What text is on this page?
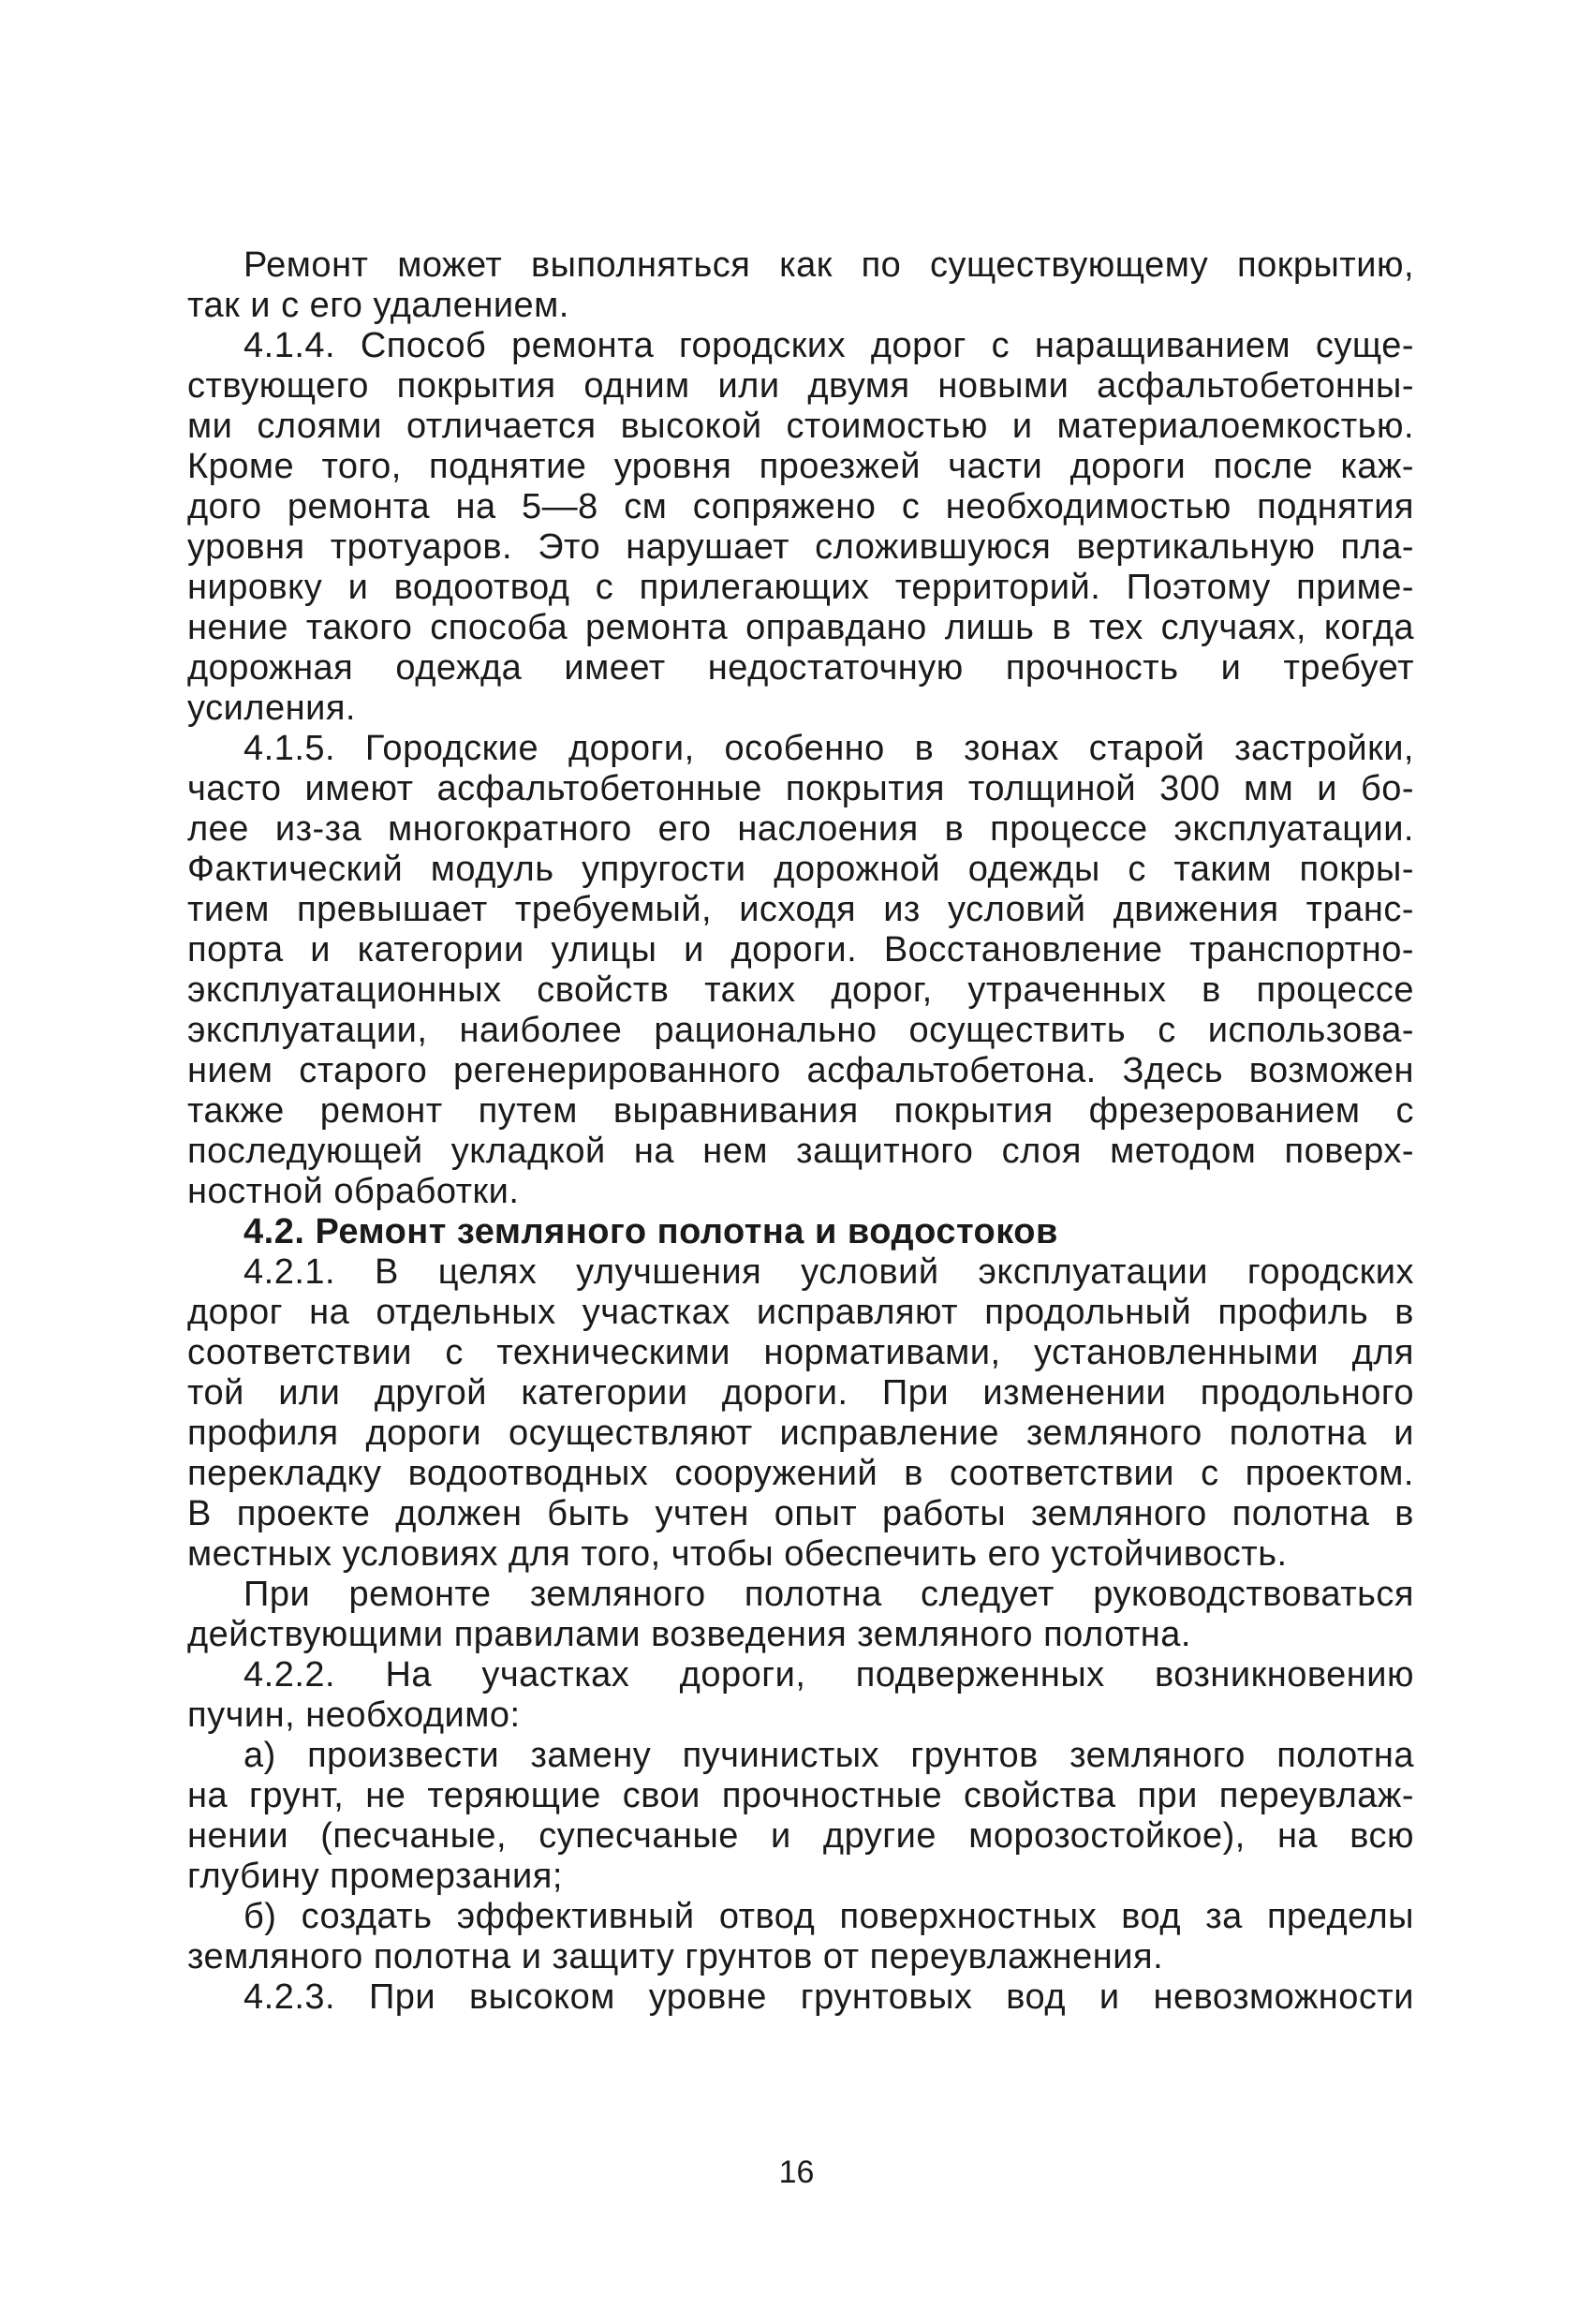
Ремонт может выполняться как по существующему покрытию,
так и с его удалением.
4.1.4. Способ ремонта городских дорог с наращиванием суще-
ствующего покрытия одним или двумя новыми асфальтобетонны-
ми слоями отличается высокой стоимостью и материалоемкостью.
Кроме того, поднятие уровня проезжей части дороги после каж-
дого ремонта на 5—8 см сопряжено с необходимостью поднятия
уровня тротуаров. Это нарушает сложившуюся вертикальную пла-
нировку и водоотвод с прилегающих территорий. Поэтому приме-
нение такого способа ремонта оправдано лишь в тех случаях, когда
дорожная одежда имеет недостаточную прочность и требует
усиления.
4.1.5. Городские дороги, особенно в зонах старой застройки,
часто имеют асфальтобетонные покрытия толщиной 300 мм и бо-
лее из-за многократного его наслоения в процессе эксплуатации.
Фактический модуль упругости дорожной одежды с таким покры-
тием превышает требуемый, исходя из условий движения транс-
порта и категории улицы и дороги. Восстановление транспортно-
эксплуатационных свойств таких дорог, утраченных в процессе
эксплуатации, наиболее рационально осуществить с использова-
нием старого регенерированного асфальтобетона. Здесь возможен
также ремонт путем выравнивания покрытия фрезерованием с
последующей укладкой на нем защитного слоя методом поверх-
ностной обработки.
4.2. Ремонт земляного полотна и водостоков
4.2.1. В целях улучшения условий эксплуатации городских
дорог на отдельных участках исправляют продольный профиль в
соответствии с техническими нормативами, установленными для
той или другой категории дороги. При изменении продольного
профиля дороги осуществляют исправление земляного полотна и
перекладку водоотводных сооружений в соответствии с проектом.
В проекте должен быть учтен опыт работы земляного полотна в
местных условиях для того, чтобы обеспечить его устойчивость.
При ремонте земляного полотна следует руководствоваться
действующими правилами возведения земляного полотна.
4.2.2. На участках дороги, подверженных возникновению
пучин, необходимо:
а) произвести замену пучинистых грунтов земляного полотна
на грунт, не теряющие свои прочностные свойства при переувлаж-
нении (песчаные, супесчаные и другие морозостойкое), на всю
глубину промерзания;
б) создать эффективный отвод поверхностных вод за пределы
земляного полотна и защиту грунтов от переувлажнения.
4.2.3. При высоком уровне грунтовых вод и невозможности
16
